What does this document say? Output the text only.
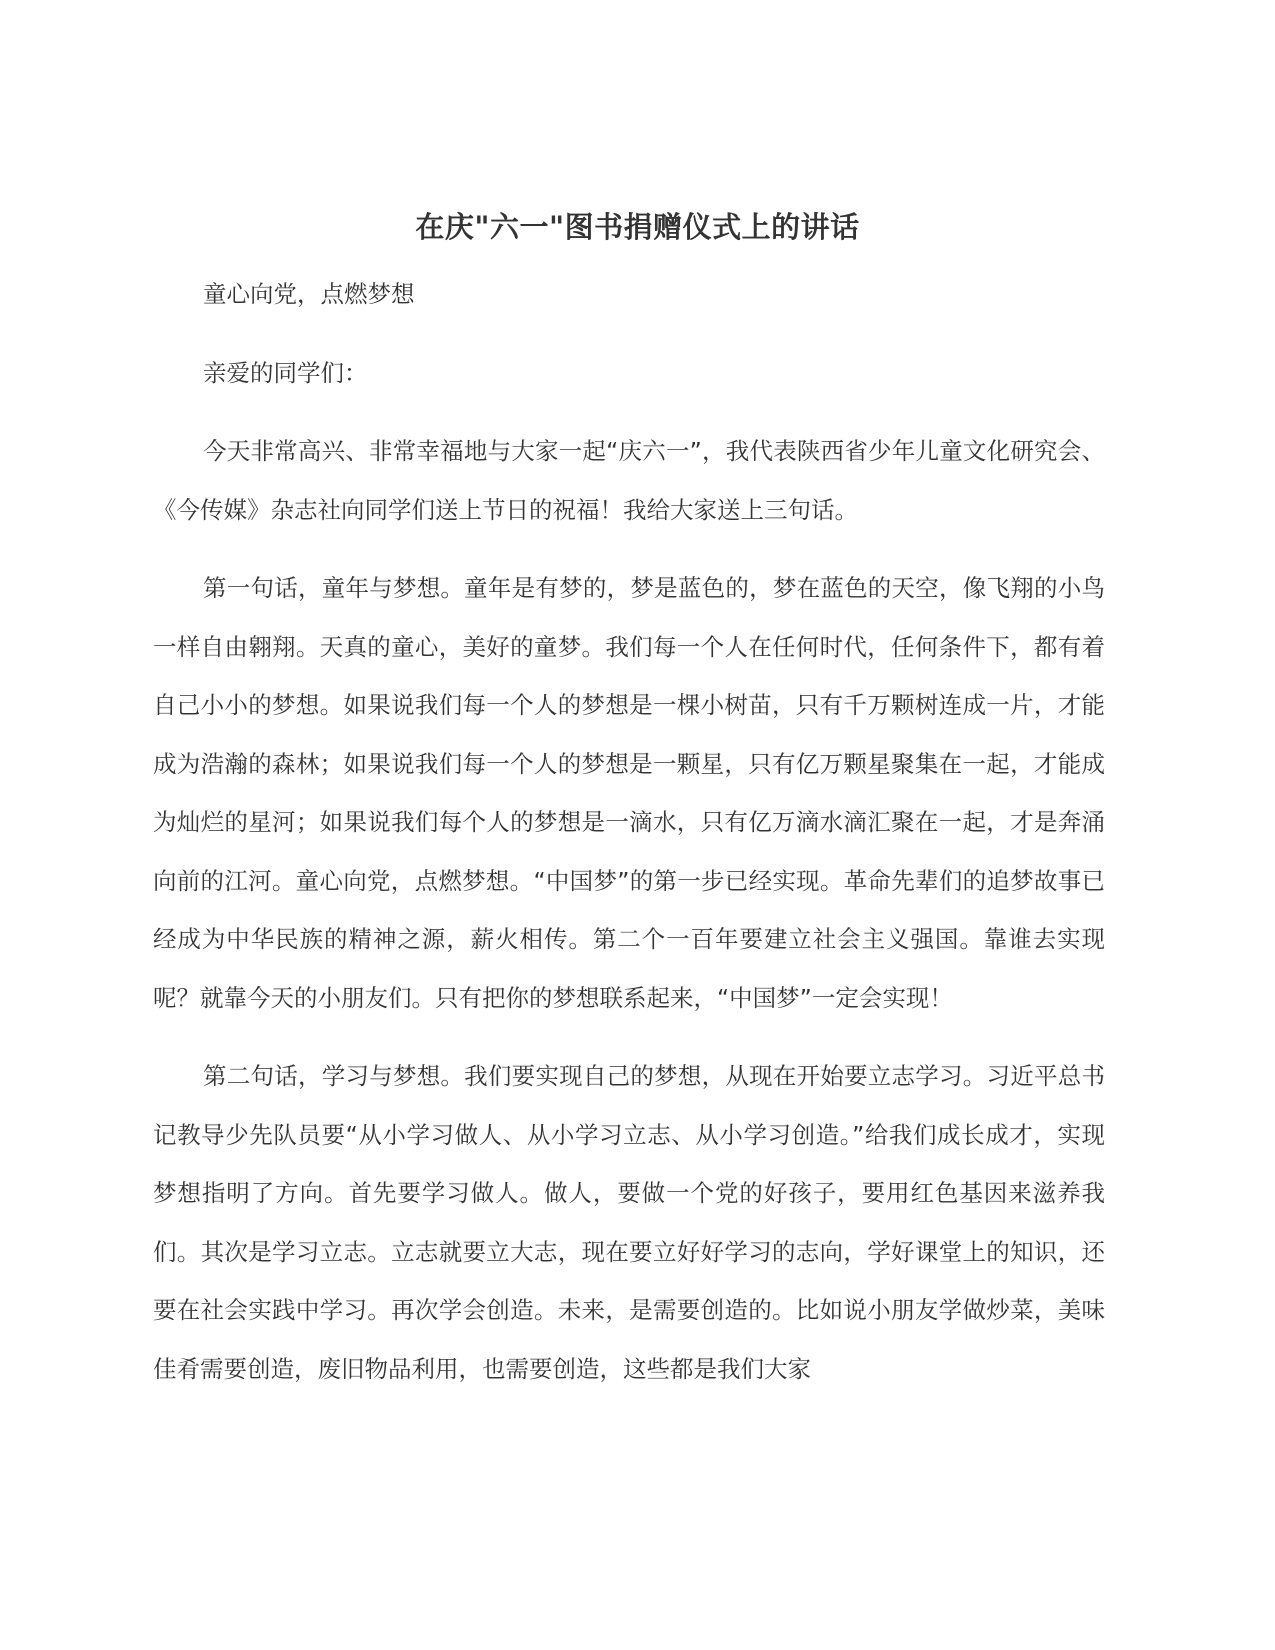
在庆"六一"图书捐赠仪式上的讲话

童心向党，点燃梦想

亲爱的同学们：

今天非常高兴、非常幸福地与大家一起“庆六一”，我代表陕西省少年儿童文化研究会、《今传媒》杂志社向同学们送上节日的祝福！我给大家送上三句话。

第一句话，童年与梦想。童年是有梦的，梦是蓝色的，梦在蓝色的天空，像飞翔的小鸟一样自由翱翔。天真的童心，美好的童梦。我们每一个人在任何时代，任何条件下，都有着自己小小的梦想。如果说我们每一个人的梦想是一棵小树苗，只有千万颗树连成一片，才能成为浩瀚的森林；如果说我们每一个人的梦想是一颗星，只有亿万颗星聚集在一起，才能成为灿烂的星河；如果说我们每个人的梦想是一滴水，只有亿万滴水滴汇聚在一起，才是奔涌向前的江河。童心向党，点燃梦想。“中国梦”的第一步已经实现。革命先辈们的追梦故事已经成为中华民族的精神之源，薪火相传。第二个一百年要建立社会主义强国。靠谁去实现呢？就靠今天的小朋友们。只有把你的梦想联系起来，“中国梦”一定会实现！

第二句话，学习与梦想。我们要实现自己的梦想，从现在开始要立志学习。习近平总书记教导少先队员要“从小学习做人、从小学习立志、从小学习创造。”给我们成长成才，实现梦想指明了方向。首先要学习做人。做人，要做一个党的好孩子，要用红色基因来滋养我们。其次是学习立志。立志就要立大志，现在要立好好学习的志向，学好课堂上的知识，还要在社会实践中学习。再次学会创造。未来，是需要创造的。比如说小朋友学做炒菜，美味佳肴需要创造，废旧物品利用，也需要创造，这些都是我们大家
